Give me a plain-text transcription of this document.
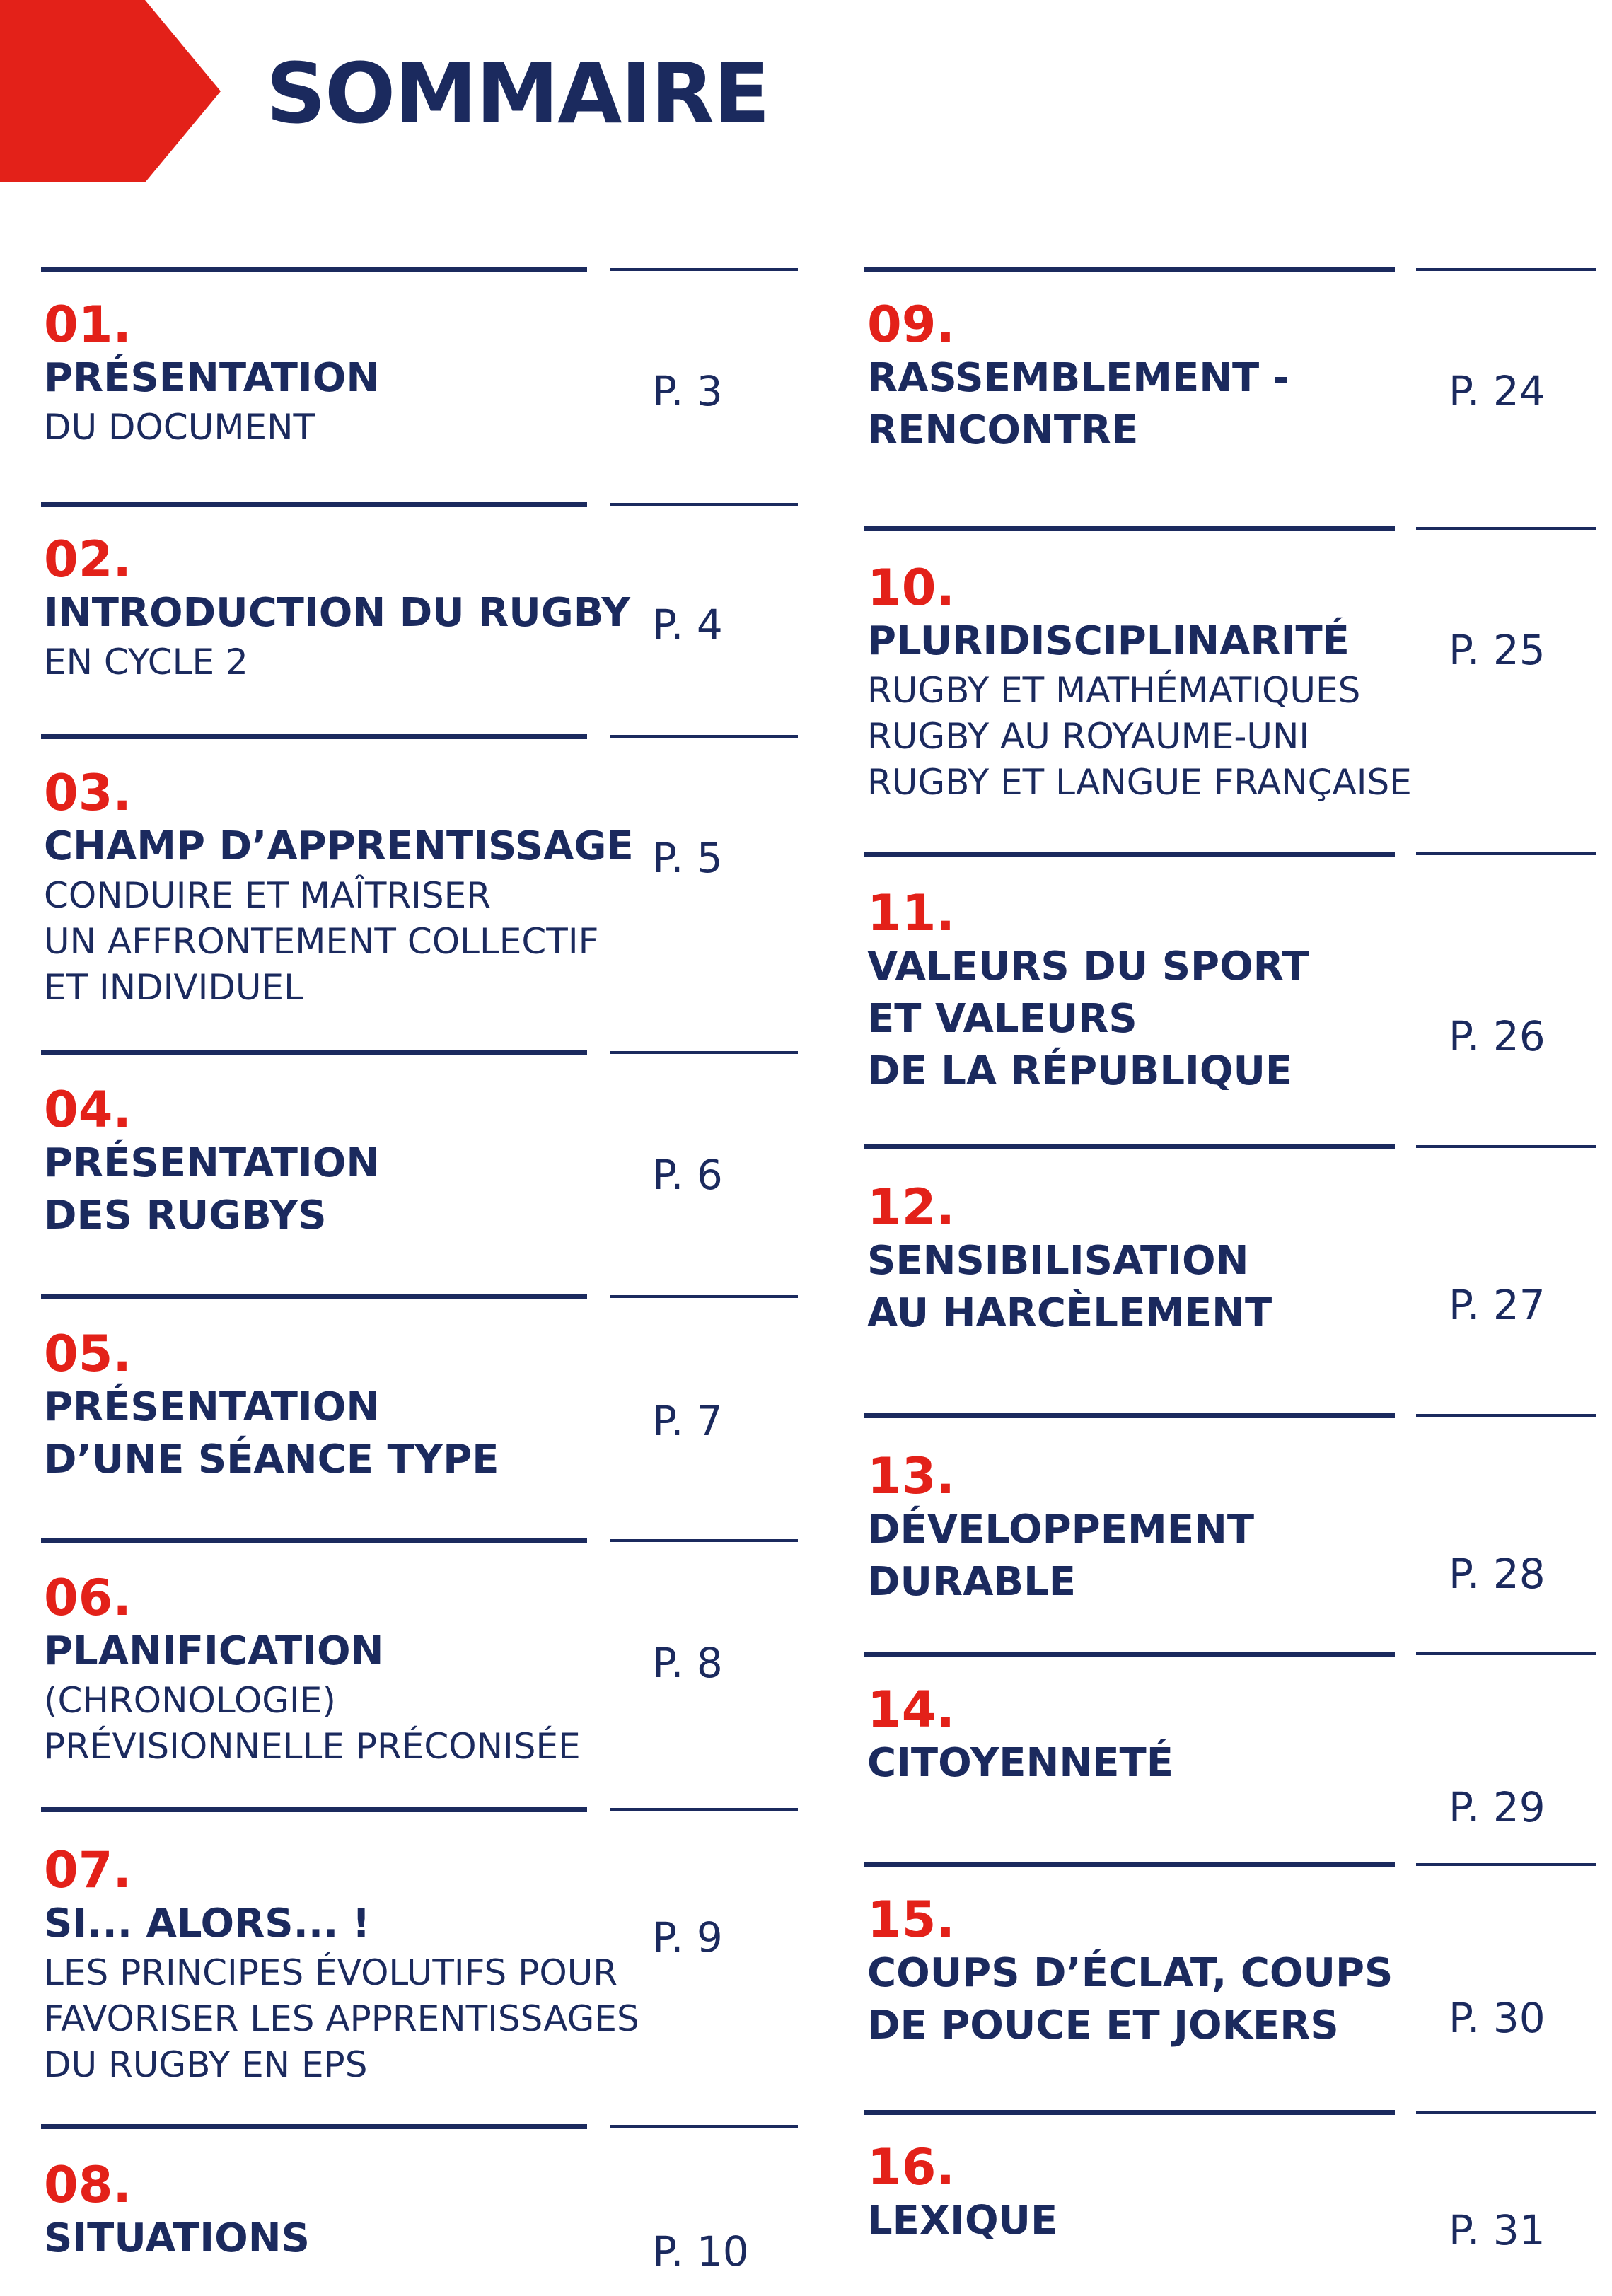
SOMMAIRE
01.
PRÉSENTATION
DU DOCUMENT
P. 3
02.
INTRODUCTION DU RUGBY
EN CYCLE 2
P. 4
03.
CHAMP D’APPRENTISSAGE
CONDUIRE ET MAÎTRISER
UN AFFRONTEMENT COLLECTIF
ET INDIVIDUEL
P. 5
04.
PRÉSENTATION
DES RUGBYS
P. 6
05.
PRÉSENTATION
D’UNE SÉANCE TYPE
P. 7
06.
PLANIFICATION
(CHRONOLOGIE)
PRÉVISIONNELLE PRÉCONISÉE
P. 8
07.
SI... ALORS... !
LES PRINCIPES ÉVOLUTIFS POUR
FAVORISER LES APPRENTISSAGES
DU RUGBY EN EPS
P. 9
08.
SITUATIONS	P. 10
09.
RASSEMBLEMENT -
RENCONTRE
P. 24
10.
PLURIDISCIPLINARITÉ
RUGBY ET MATHÉMATIQUES
RUGBY AU ROYAUME-UNI
RUGBY ET LANGUE FRANÇAISE
P. 25
11.
VALEURS DU SPORT
ET VALEURS
DE LA RÉPUBLIQUE
P. 26
12.
SENSIBILISATION
AU HARCÈLEMENT	P. 27
13.
DÉVELOPPEMENT
DURABLE	P. 28
14.
CITOYENNETÉ
P. 29
15.
COUPS D’ÉCLAT, COUPS
DE POUCE ET JOKERS	P. 30
16.
LEXIQUE	P. 31
